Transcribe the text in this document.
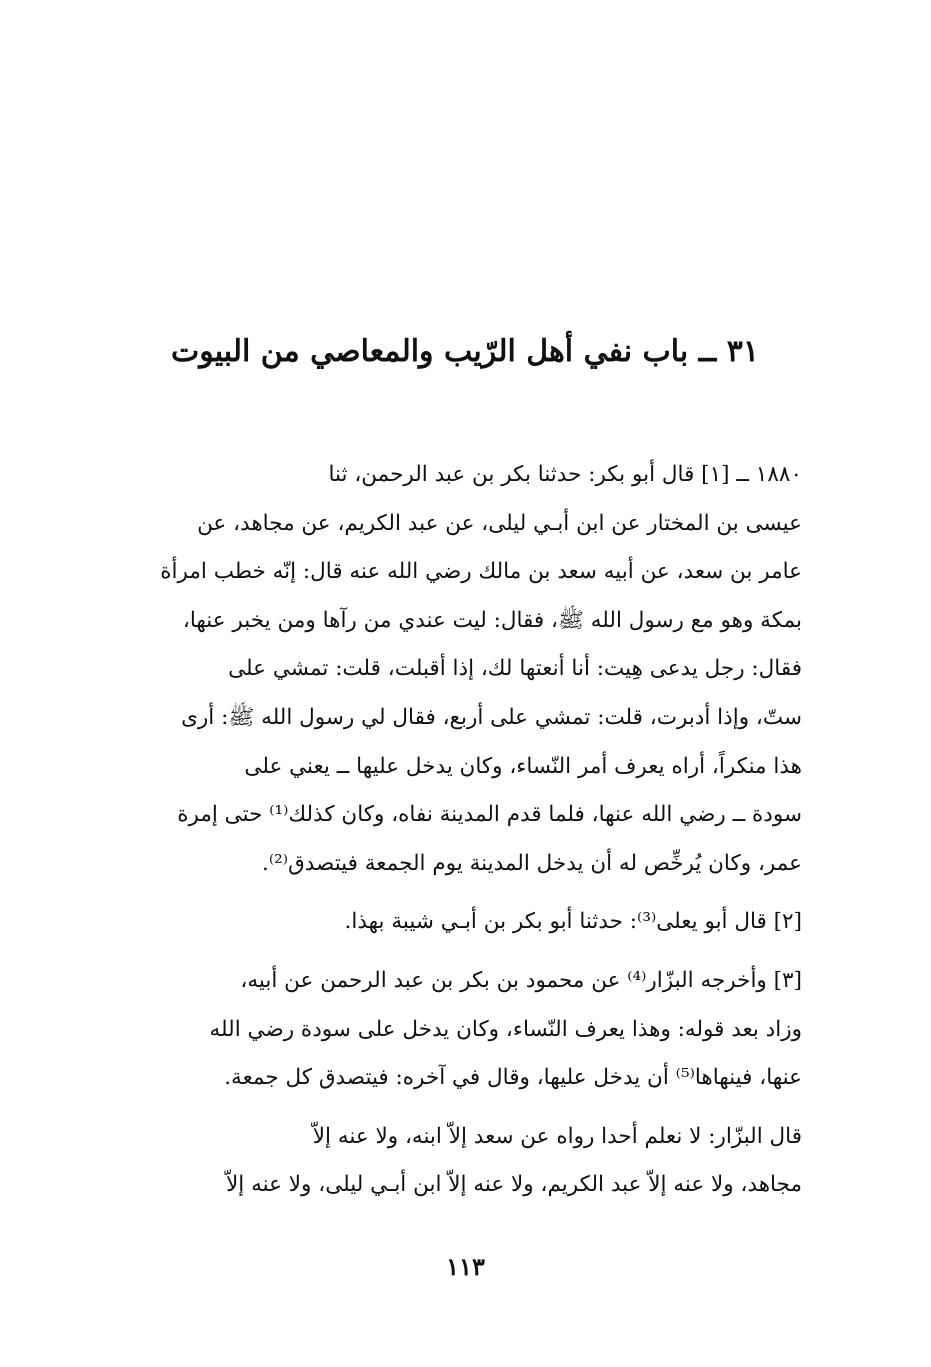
٣١ ــ باب نفي أهل الرّيب والمعاصي من البيوت

١٨٨٠ ــ [١] قال أبو بكر: حدثنا بكر بن عبد الرحمن، ثنا
عيسى بن المختار عن ابن أبـي ليلى، عن عبد الكريم، عن مجاهد، عن
عامر بن سعد، عن أبيه سعد بن مالك رضي الله عنه قال: إنّه خطب امرأة
بمكة وهو مع رسول الله ﷺ، فقال: ليت عندي من رآها ومن يخبر عنها،
فقال: رجل يدعى هِيت: أنا أنعتها لك، إذا أقبلت، قلت: تمشي على
ستّ، وإذا أدبرت، قلت: تمشي على أربع، فقال لي رسول الله ﷺ: أرى
هذا منكراً، أراه يعرف أمر النّساء، وكان يدخل عليها ــ يعني على
سودة ــ رضي الله عنها، فلما قدم المدينة نفاه، وكان كذلك⁽¹⁾ حتى إمرة
عمر، وكان يُرخِّص له أن يدخل المدينة يوم الجمعة فيتصدق⁽²⁾.

[٢] قال أبو يعلى⁽³⁾: حدثنا أبو بكر بن أبـي شيبة بهذا.

[٣] وأخرجه البزّار⁽⁴⁾ عن محمود بن بكر بن عبد الرحمن عن أبيه،
وزاد بعد قوله: وهذا يعرف النّساء، وكان يدخل على سودة رضي الله
عنها، فينهاها⁽⁵⁾ أن يدخل عليها، وقال في آخره: فيتصدق كل جمعة.

قال البزّار: لا نعلم أحدا رواه عن سعد إلاّ ابنه، ولا عنه إلاّ
مجاهد، ولا عنه إلاّ عبد الكريم، ولا عنه إلاّ ابن أبـي ليلى، ولا عنه إلاّ

١١٣
